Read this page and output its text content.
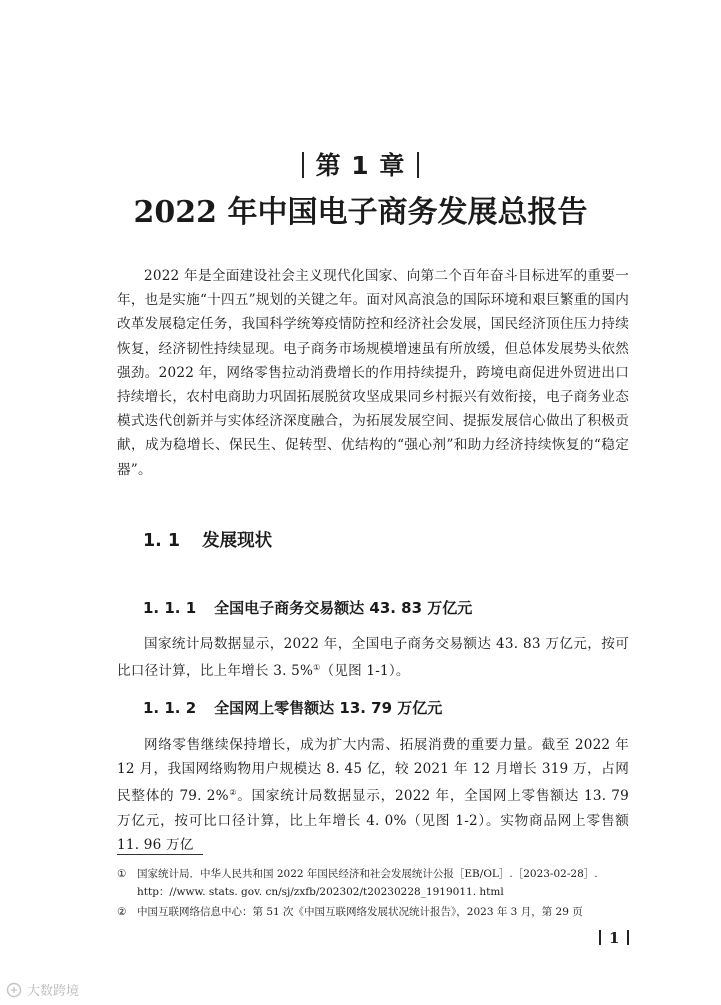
第 1 章
2022 年中国电子商务发展总报告

2022 年是全面建设社会主义现代化国家、向第二个百年奋斗目标进军的重要一年，也是实施“十四五”规划的关键之年。面对风高浪急的国际环境和艰巨繁重的国内改革发展稳定任务，我国科学统筹疫情防控和经济社会发展，国民经济顶住压力持续恢复，经济韧性持续显现。电子商务市场规模增速虽有所放缓，但总体发展势头依然强劲。2022 年，网络零售拉动消费增长的作用持续提升，跨境电商促进外贸进出口持续增长，农村电商助力巩固拓展脱贫攻坚成果同乡村振兴有效衔接，电子商务业态模式迭代创新并与实体经济深度融合，为拓展发展空间、提振发展信心做出了积极贡献，成为稳增长、保民生、促转型、优结构的“强心剂”和助力经济持续恢复的“稳定器”。

1. 1 发展现状
1. 1. 1 全国电子商务交易额达 43. 83 万亿元

国家统计局数据显示，2022 年，全国电子商务交易额达 43. 83 万亿元，按可比口径计算，比上年增长 3. 5%①（见图 1-1）。

1. 1. 2 全国网上零售额达 13. 79 万亿元

网络零售继续保持增长，成为扩大内需、拓展消费的重要力量。截至 2022 年12 月，我国网络购物用户规模达 8. 45 亿，较 2021 年 12 月增长 319 万，占网民整体的 79. 2%②。国家统计局数据显示，2022 年，全国网上零售额达 13. 79 万亿元，按可比口径计算，比上年增长 4. 0%（见图 1-2）。实物商品网上零售额 11. 96 万亿

① 国家统计局．中华人民共和国 2022 年国民经济和社会发展统计公报［EB/OL］.［2023-02-28］.
http：//www. stats. gov. cn/sj/zxfb/202302/t20230228_1919011. html
② 中国互联网络信息中心：第 51 次《中国互联网络发展状况统计报告》，2023 年 3 月，第 29 页
1
大数跨境
